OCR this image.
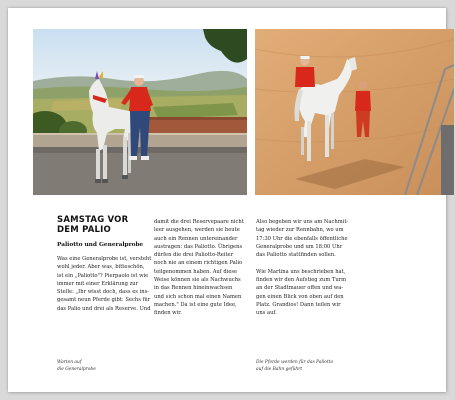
SAMSTAG VOR
DEM PALIO
Paliotto und Generalprobe
Was eine Generalprobe ist, versteht
wohl jeder. Aber was, bitteschön,
ist ein „Paliotto"? Pierpaolo ist wie
immer mit einer Erklärung zur
Stelle: „Ihr wisst doch, dass es ins-
gesamt neun Pferde gibt: Sechs für
das Palio und drei als Reserve. Und
damit die drei Reservepaare nicht
leer ausgehen, werden sie heute
auch ein Rennen untereinander
austragen: das Paliotto. Übrigens
dürfen die drei Paliotto-Reiter
noch nie an einem richtigen Palio
teilgenommen haben. Auf diese
Weise können sie als Nachwuchs
in das Rennen hineinwachsen
und sich schon mal einen Namen
machen." Da ist eine gute Idee,
finden wir.
Also begeben wir uns am Nachmit-
tag wieder zur Rennbahn, wo um
17:30 Uhr die ebenfalls öffentliche
Generalprobe und um 18:00 Uhr
das Paliotto stattfinden sollen.

Wie Martina uns beschrieben hat,
finden wir den Aufstieg zum Turm
an der Stadtmauer offen und wa-
gen einen Blick von oben auf den
Platz. Grandios! Dann teilen wir
uns auf.
Warten auf
die Generalprobe
Die Pferde werden für das Paliotto
auf die Bahn geführt
